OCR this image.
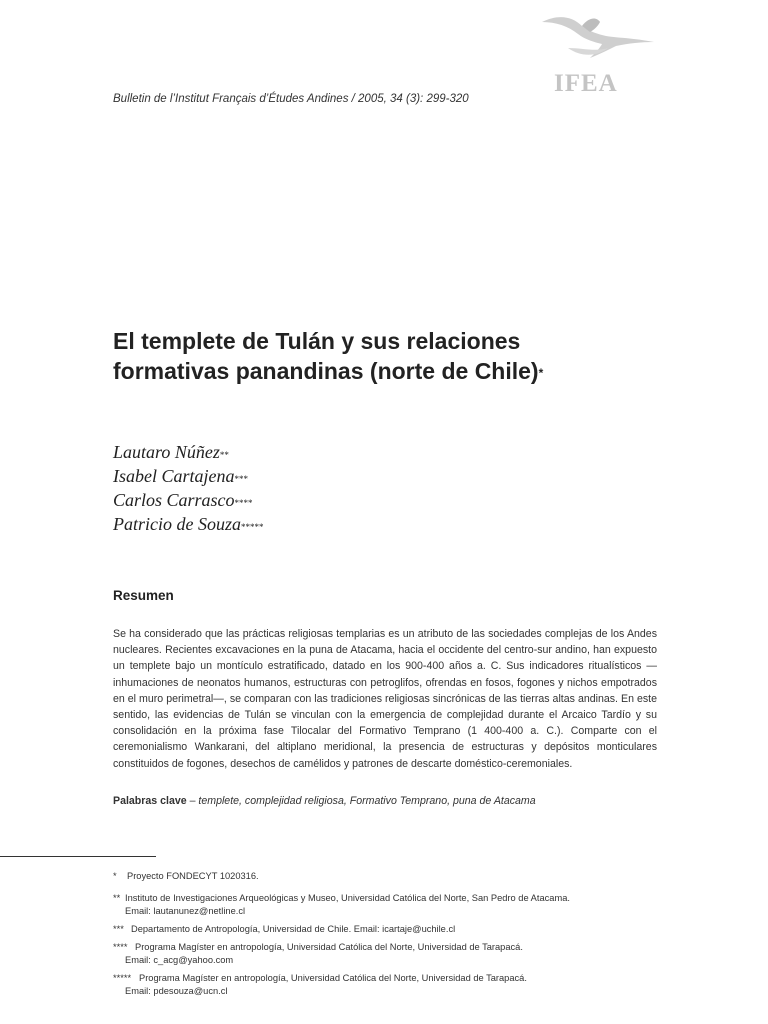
IFEA
Bulletin de l’Institut Français d’Études Andines / 2005, 34 (3): 299-320
El templete de Tulán y sus relaciones
formativas panandinas (norte de Chile)*
Lautaro Núñez**
Isabel Cartajena***
Carlos Carrasco****
Patricio de Souza*****
Resumen

Se ha considerado que las prácticas religiosas templarias es un atributo de las sociedades complejas de los Andes nucleares. Recientes excavaciones en la puna de Atacama, hacia el occidente del centro-sur andino, han expuesto un templete bajo un montículo estratificado, datado en los 900-400 años a. C. Sus indicadores ritualísticos —inhumaciones de neonatos humanos, estructuras con petroglifos, ofrendas en fosos, fogones y nichos empotrados en el muro perimetral—, se comparan con las tradiciones religiosas sincrónicas de las tierras altas andinas. En este sentido, las evidencias de Tulán se vinculan con la emergencia de complejidad durante el Arcaico Tardío y su consolidación en la próxima fase Tilocalar del Formativo Temprano (1 400-400 a. C.). Comparte con el ceremonialismo Wankarani, del altiplano meridional, la presencia de estructuras y depósitos monticulares constituidos de fogones, desechos de camélidos y patrones de descarte doméstico-ceremoniales.

Palabras clave – templete, complejidad religiosa, Formativo Temprano, puna de Atacama
*	Proyecto FONDECYT 1020316.
** Instituto de Investigaciones Arqueológicas y Museo, Universidad Católica del Norte, San Pedro de Atacama.
Email: lautanunez@netline.cl
*** Departamento de Antropología, Universidad de Chile. Email: icartaje@uchile.cl
**** Programa Magíster en antropología, Universidad Católica del Norte, Universidad de Tarapacá.
Email: c_acg@yahoo.com
***** Programa Magíster en antropología, Universidad Católica del Norte, Universidad de Tarapacá.
Email: pdesouza@ucn.cl
